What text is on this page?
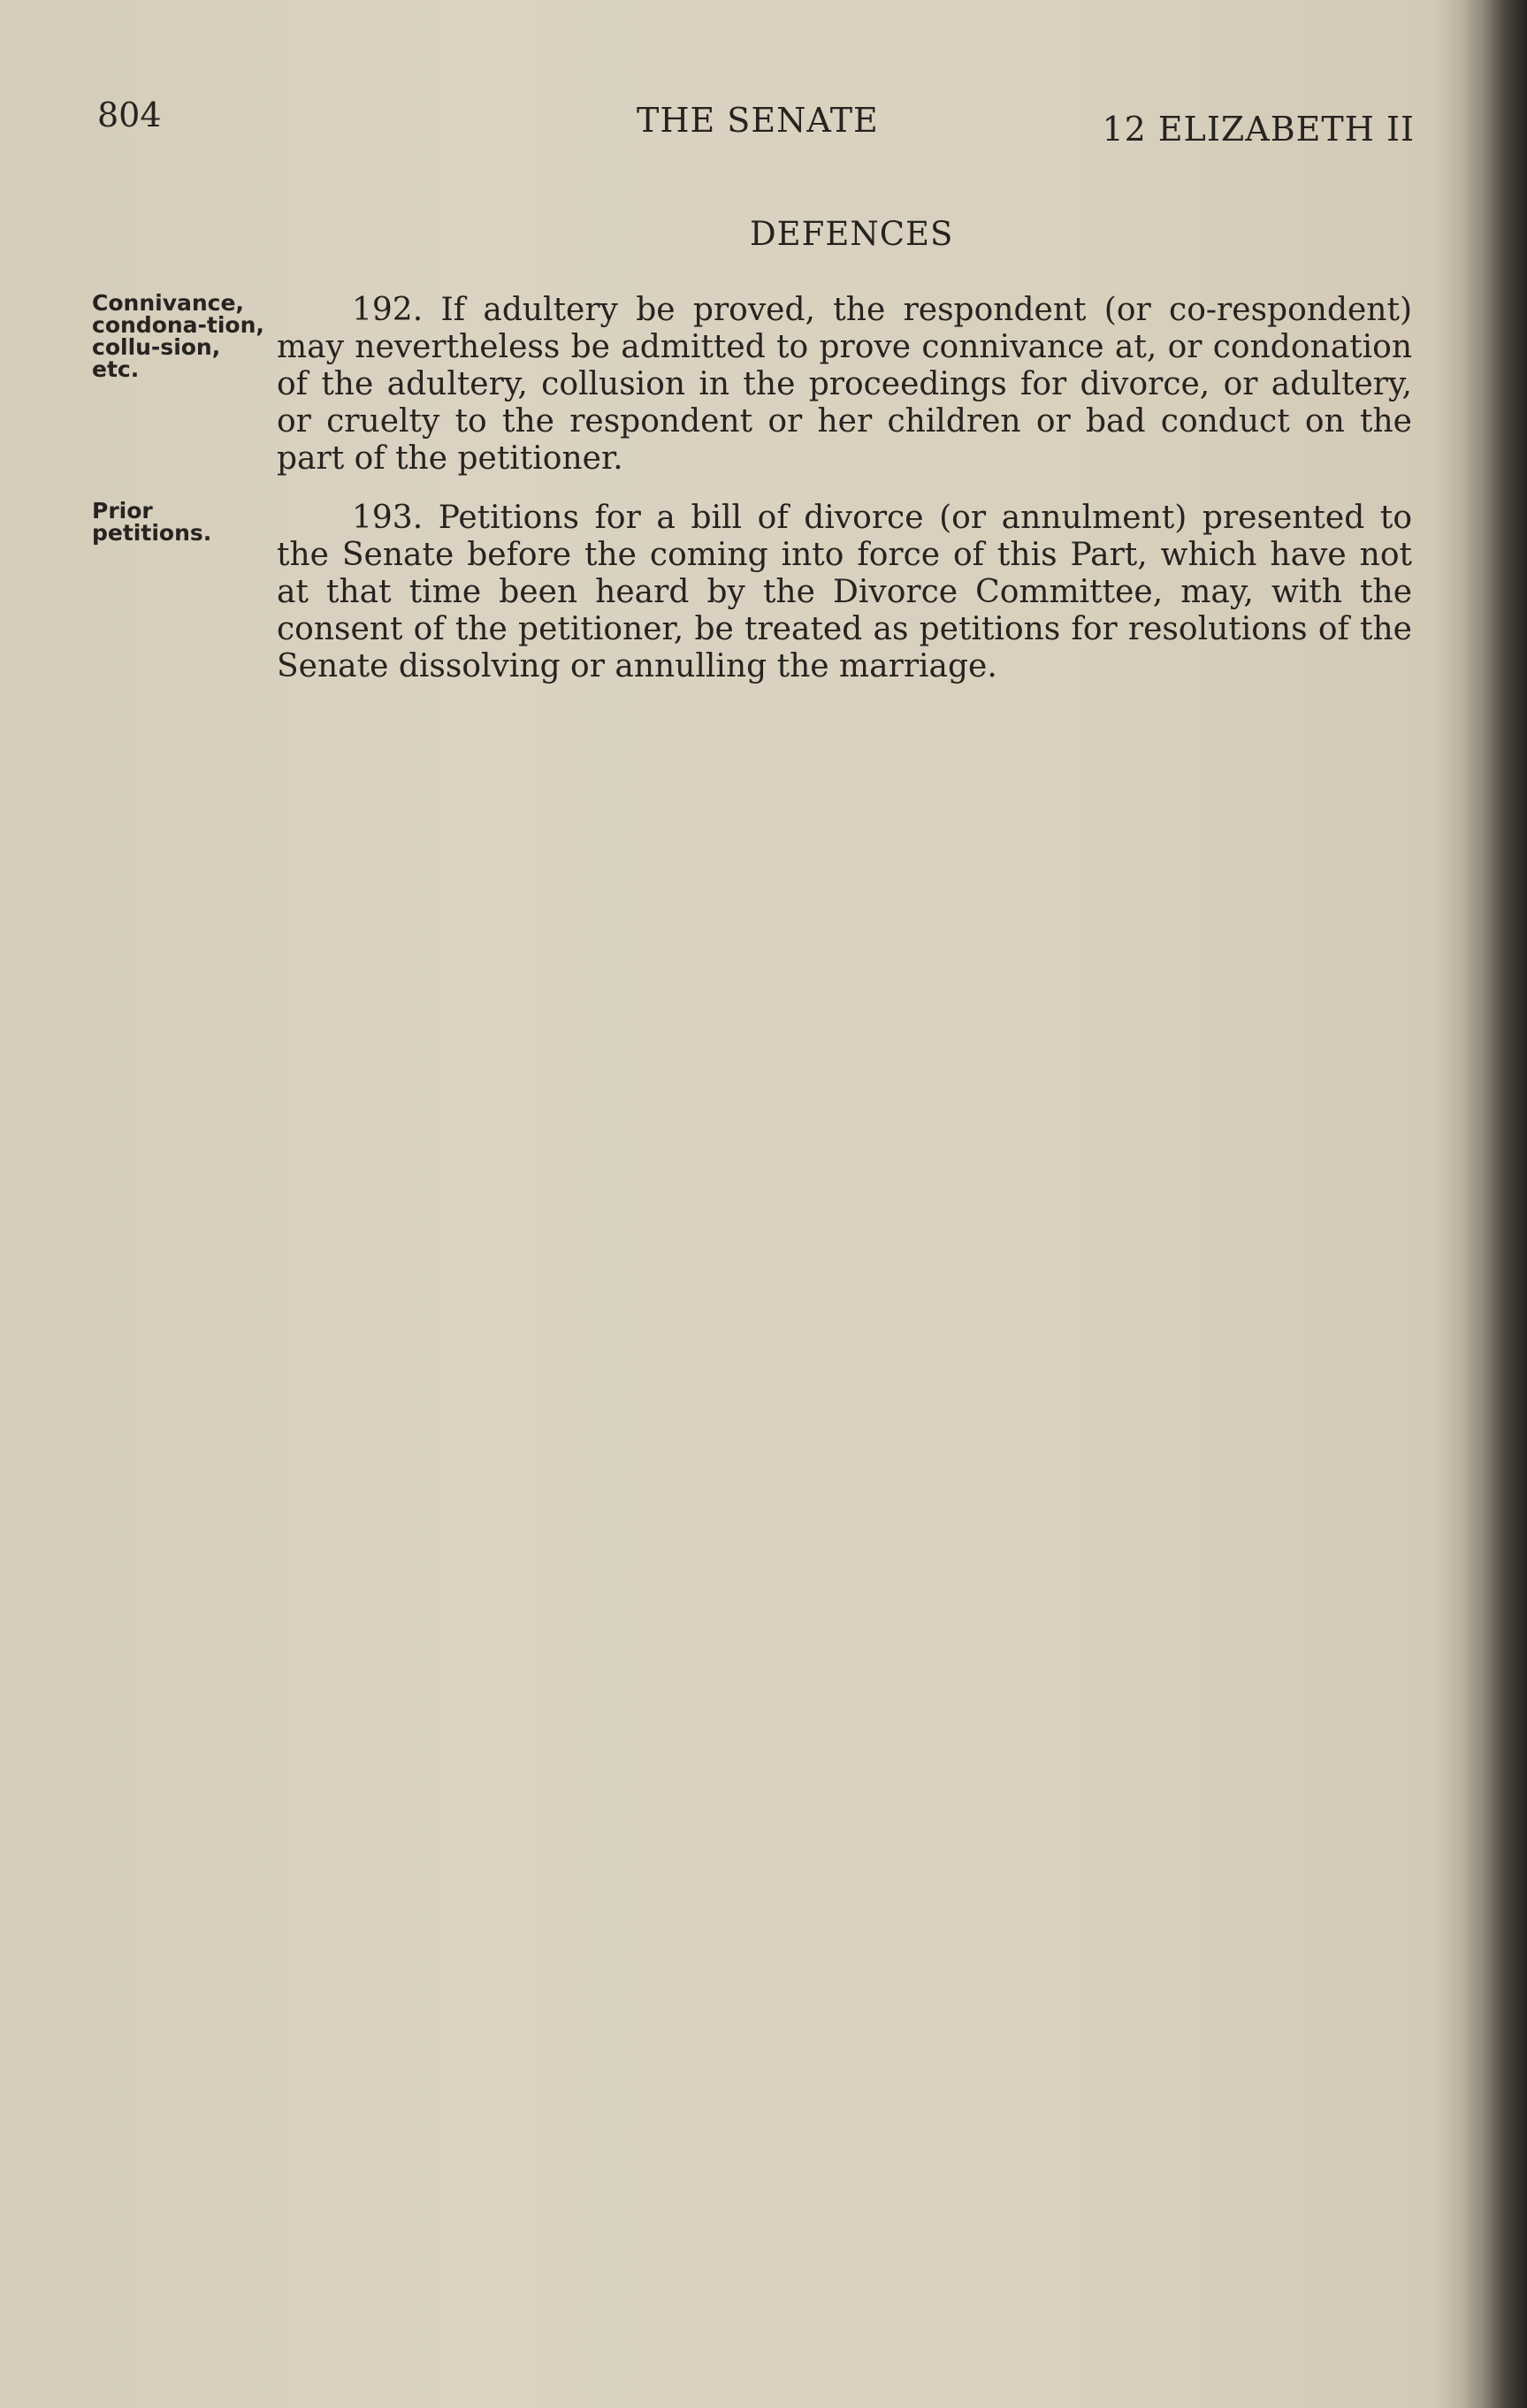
804	THE SENATE	12 ELIZABETH II
DEFENCES
Connivance, condona-tion, collu-sion, etc.

192. If adultery be proved, the respondent (or co-respondent) may nevertheless be admitted to prove connivance at, or condonation of the adultery, collusion in the proceedings for divorce, or adultery, or cruelty to the respondent or her children or bad conduct on the part of the petitioner.

Prior petitions.	193. Petitions for a bill of divorce (or annulment) presented to the Senate before the coming into force of this Part, which have not at that time been heard by the Divorce Committee, may, with the consent of the petitioner, be treated as petitions for resolutions of the Senate dissolving or annulling the marriage.
